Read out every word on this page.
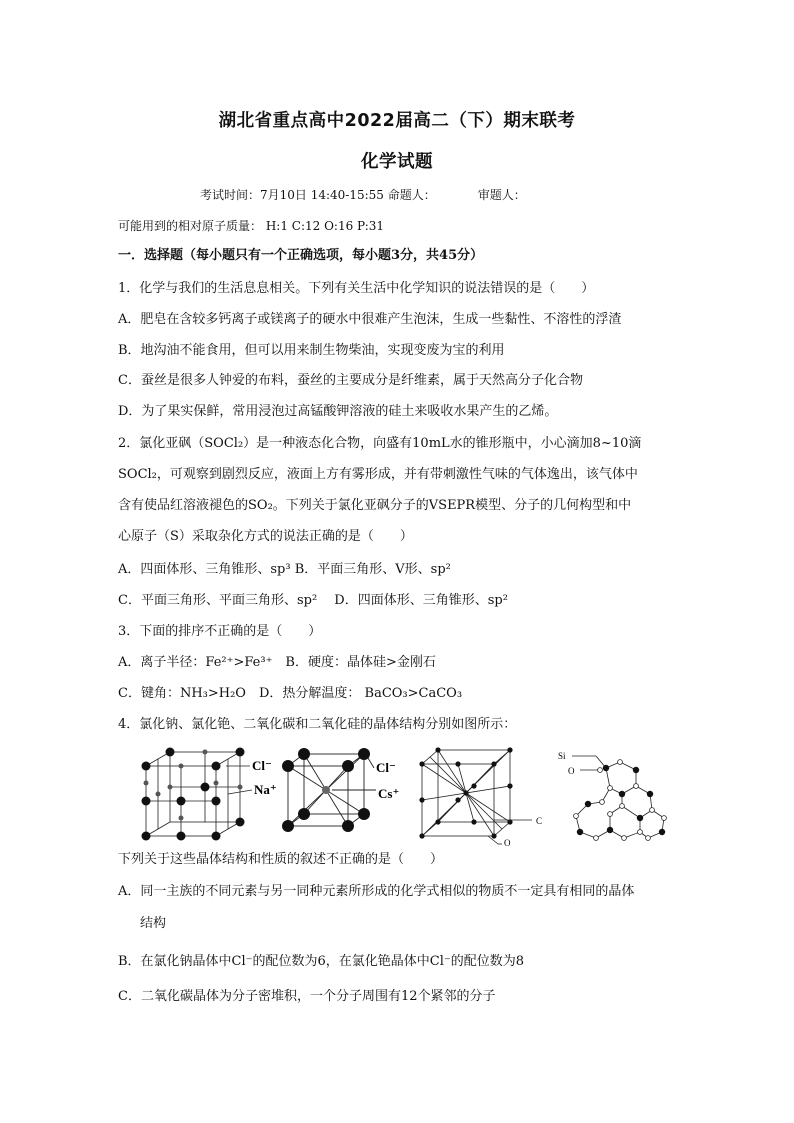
湖北省重点高中2022届高二（下）期末联考
化学试题
考试时间：7月10日 14:40-15:55 命题人：　　　　审题人：
可能用到的相对原子质量： H:1 C:12 O:16 P:31
一．选择题（每小题只有一个正确选项，每小题3分，共45分）
1．化学与我们的生活息息相关。下列有关生活中化学知识的说法错误的是（　　）
A．肥皂在含较多钙离子或镁离子的硬水中很难产生泡沫，生成一些黏性、不溶性的浮渣
B．地沟油不能食用，但可以用来制生物柴油，实现变废为宝的利用
C．蚕丝是很多人钟爱的布料，蚕丝的主要成分是纤维素，属于天然高分子化合物
D．为了果实保鲜，常用浸泡过高锰酸钾溶液的硅土来吸收水果产生的乙烯。
2．氯化亚砜（SOCl₂）是一种液态化合物，向盛有10mL水的锥形瓶中，小心滴加8~10滴
SOCl₂，可观察到剧烈反应，液面上方有雾形成，并有带刺激性气味的气体逸出，该气体中
含有使品红溶液褪色的SO₂。下列关于氯化亚砜分子的VSEPR模型、分子的几何构型和中
心原子（S）采取杂化方式的说法正确的是（　　）
A．四面体形、三角锥形、sp³ B．平面三角形、V形、sp²
C．平面三角形、平面三角形、sp²　 D．四面体形、三角锥形、sp²
3．下面的排序不正确的是（　　）
A．离子半径：Fe²⁺>Fe³⁺　B．硬度：晶体硅>金刚石
C．键角：NH₃>H₂O　D．热分解温度： BaCO₃>CaCO₃
4．氯化钠、氯化铯、二氧化碳和二氧化硅的晶体结构分别如图所示：
Cl⁻
Na⁺
Cl⁻
Cs⁺
C
O
Si
O
下列关于这些晶体结构和性质的叙述不正确的是（　　）
A．同一主族的不同元素与另一同种元素所形成的化学式相似的物质不一定具有相同的晶体
结构
B．在氯化钠晶体中Cl⁻的配位数为6，在氯化铯晶体中Cl⁻的配位数为8
C．二氧化碳晶体为分子密堆积，一个分子周围有12个紧邻的分子
